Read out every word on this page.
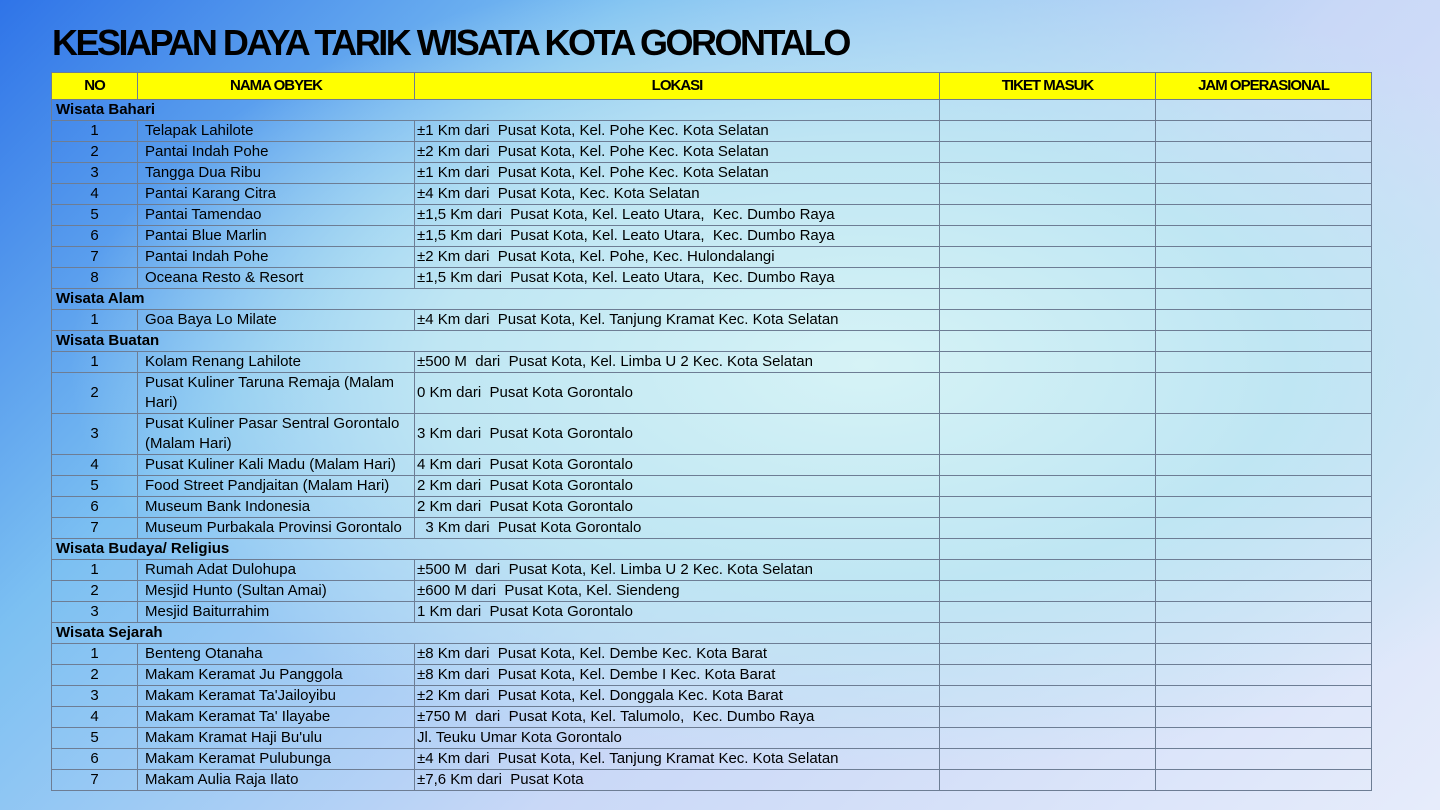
KESIAPAN DAYA TARIK WISATA KOTA GORONTALO
NO	NAMA OBYEK	LOKASI	TIKET MASUK	JAM OPERASIONAL
Wisata Bahari				
1	Telapak Lahilote	±1 Km dari  Pusat Kota, Kel. Pohe Kec. Kota Selatan		
2	Pantai Indah Pohe	±2 Km dari  Pusat Kota, Kel. Pohe Kec. Kota Selatan		
3	Tangga Dua Ribu	±1 Km dari  Pusat Kota, Kel. Pohe Kec. Kota Selatan		
4	Pantai Karang Citra	±4 Km dari  Pusat Kota, Kec. Kota Selatan		
5	Pantai Tamendao	±1,5 Km dari  Pusat Kota, Kel. Leato Utara,  Kec. Dumbo Raya		
6	Pantai Blue Marlin	±1,5 Km dari  Pusat Kota, Kel. Leato Utara,  Kec. Dumbo Raya		
7	Pantai Indah Pohe	±2 Km dari  Pusat Kota, Kel. Pohe, Kec. Hulondalangi		
8	Oceana Resto & Resort	±1,5 Km dari  Pusat Kota, Kel. Leato Utara,  Kec. Dumbo Raya		
Wisata Alam				
1	Goa Baya Lo Milate	±4 Km dari  Pusat Kota, Kel. Tanjung Kramat Kec. Kota Selatan		
Wisata Buatan				
1	Kolam Renang Lahilote	±500 M  dari  Pusat Kota, Kel. Limba U 2 Kec. Kota Selatan		
2	Pusat Kuliner Taruna Remaja (Malam Hari)	0 Km dari  Pusat Kota Gorontalo		
3	Pusat Kuliner Pasar Sentral Gorontalo (Malam Hari)	3 Km dari  Pusat Kota Gorontalo		
4	Pusat Kuliner Kali Madu (Malam Hari)	4 Km dari  Pusat Kota Gorontalo		
5	Food Street Pandjaitan (Malam Hari)	2 Km dari  Pusat Kota Gorontalo		
6	Museum Bank Indonesia	2 Km dari  Pusat Kota Gorontalo		
7	Museum Purbakala Provinsi Gorontalo	3 Km dari  Pusat Kota Gorontalo		
Wisata Budaya/ Religius				
1	Rumah Adat Dulohupa	±500 M  dari  Pusat Kota, Kel. Limba U 2 Kec. Kota Selatan		
2	Mesjid Hunto (Sultan Amai)	±600 M dari  Pusat Kota, Kel. Siendeng		
3	Mesjid Baiturrahim	1 Km dari  Pusat Kota Gorontalo		
Wisata Sejarah				
1	Benteng Otanaha	±8 Km dari  Pusat Kota, Kel. Dembe Kec. Kota Barat		
2	Makam Keramat Ju Panggola	±8 Km dari  Pusat Kota, Kel. Dembe I Kec. Kota Barat		
3	Makam Keramat Ta'Jailoyibu	±2 Km dari  Pusat Kota, Kel. Donggala Kec. Kota Barat		
4	Makam Keramat Ta' Ilayabe	±750 M  dari  Pusat Kota, Kel. Talumolo,  Kec. Dumbo Raya		
5	Makam Kramat Haji Bu'ulu	Jl. Teuku Umar Kota Gorontalo		
6	Makam Keramat Pulubunga	±4 Km dari  Pusat Kota, Kel. Tanjung Kramat Kec. Kota Selatan		
7	Makam Aulia Raja Ilato	±7,6 Km dari  Pusat Kota		
